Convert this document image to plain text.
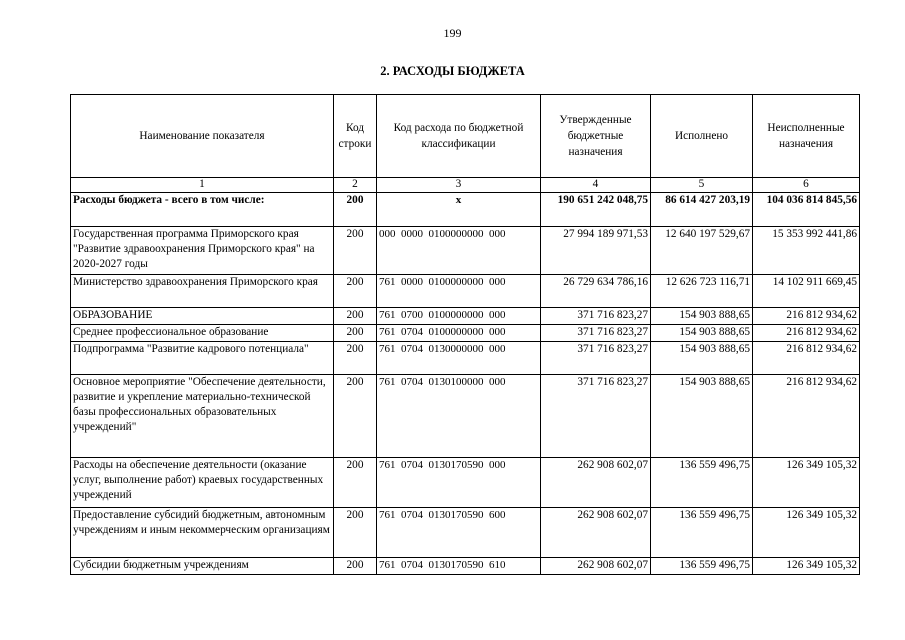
199
2. РАСХОДЫ БЮДЖЕТА
Наименование показателя	Код строки	Код расхода по бюджетной классификации	Утвержденные бюджетные назначения	Исполнено	Неисполненные назначения
1	2	3	4	5	6
Расходы бюджета - всего в том числе:	200	х	190 651 242 048,75	86 614 427 203,19	104 036 814 845,56
Государственная программа Приморского края "Развитие здравоохранения Приморского края" на 2020-2027 годы	200	000  0000  0100000000  000	27 994 189 971,53	12 640 197 529,67	15 353 992 441,86
Министерство здравоохранения Приморского края	200	761  0000  0100000000  000	26 729 634 786,16	12 626 723 116,71	14 102 911 669,45
ОБРАЗОВАНИЕ	200	761  0700  0100000000  000	371 716 823,27	154 903 888,65	216 812 934,62
Среднее профессиональное образование	200	761  0704  0100000000  000	371 716 823,27	154 903 888,65	216 812 934,62
Подпрограмма "Развитие кадрового потенциала"	200	761  0704  0130000000  000	371 716 823,27	154 903 888,65	216 812 934,62
Основное мероприятие "Обеспечение деятельности, развитие и укрепление материально-технической базы профессиональных образовательных учреждений"	200	761  0704  0130100000  000	371 716 823,27	154 903 888,65	216 812 934,62
Расходы на обеспечение деятельности (оказание услуг, выполнение работ) краевых государственных учреждений	200	761  0704  0130170590  000	262 908 602,07	136 559 496,75	126 349 105,32
Предоставление субсидий бюджетным, автономным учреждениям и иным некоммерческим организациям	200	761  0704  0130170590  600	262 908 602,07	136 559 496,75	126 349 105,32
Субсидии бюджетным учреждениям	200	761  0704  0130170590  610	262 908 602,07	136 559 496,75	126 349 105,32
